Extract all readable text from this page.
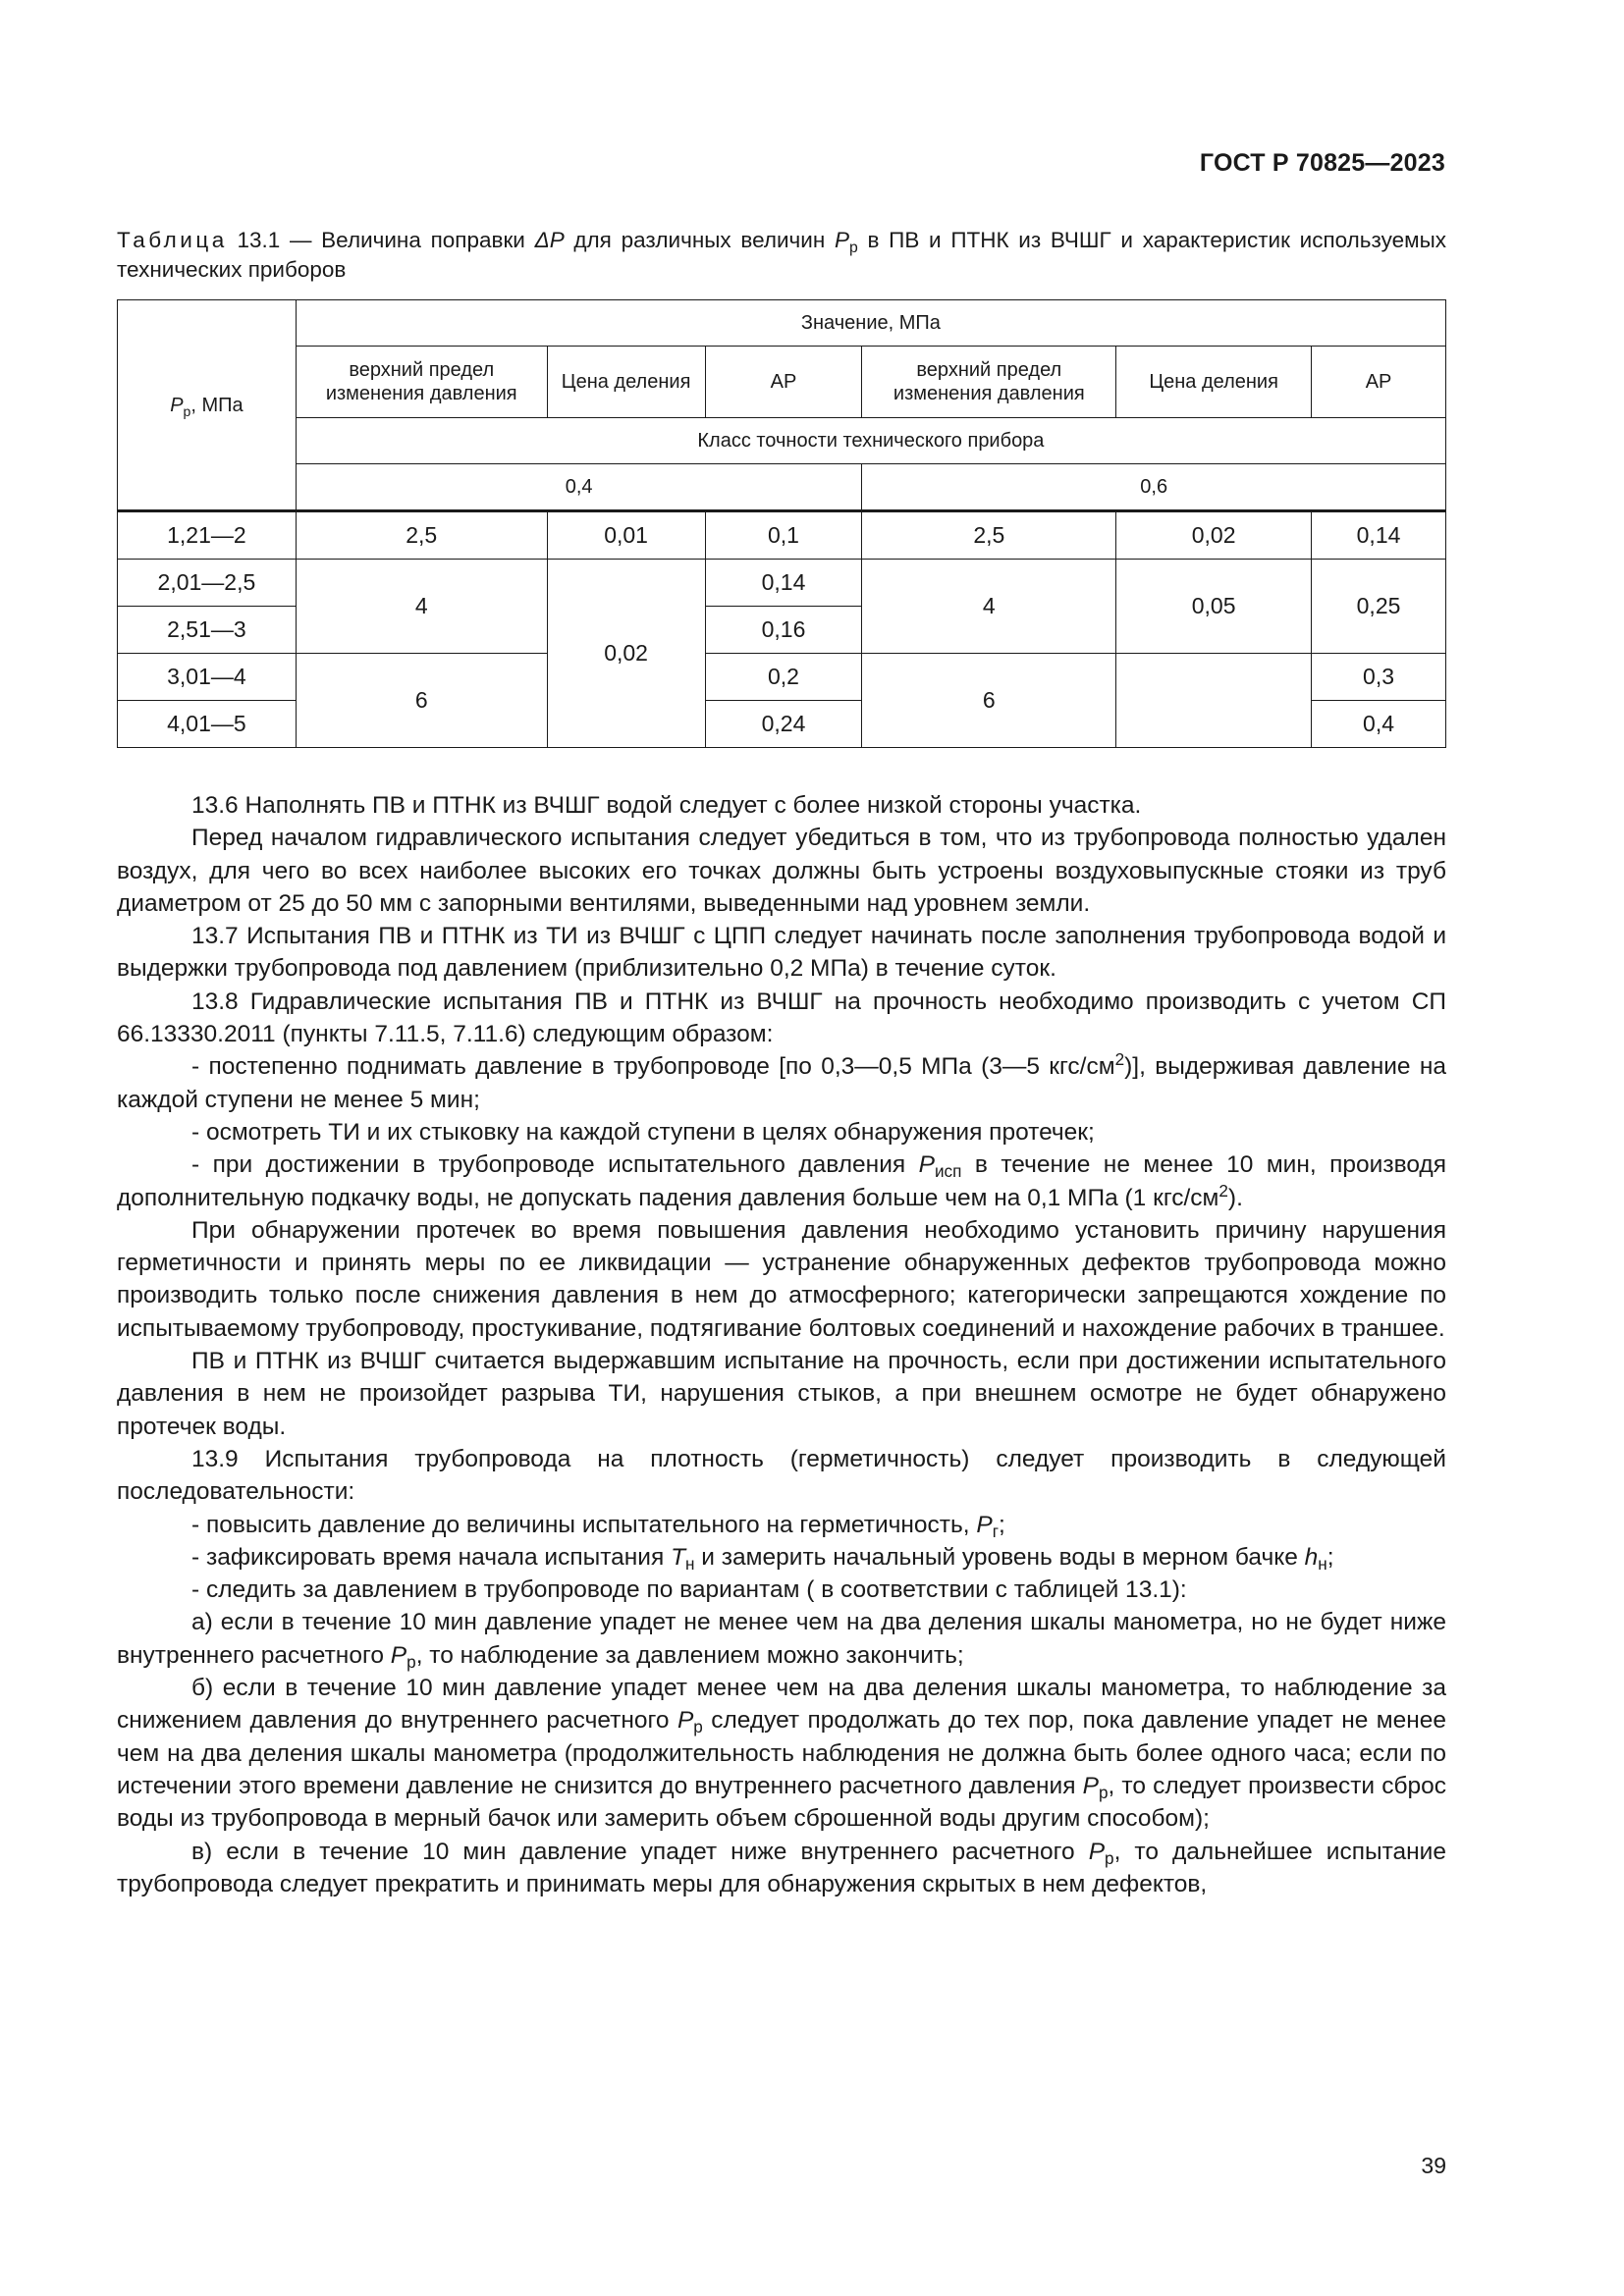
ГОСТ Р 70825—2023
Таблица 13.1 — Величина поправки ΔP для различных величин $P_р$ в ПВ и ПТНК из ВЧШГ и характеристик используемых технических приборов
$P_р$, МПа	Значение, МПа					
	верхний предел изменения давления	Цена деления	АР	верхний предел изменения давления	Цена деления	АР
	Класс точности технического прибора					
	0,4			0,6		
1,21—2	2,5	0,01	0,1	2,5	0,02	0,14
2,01—2,5	4	0,02	0,14	4	0,05	0,25
2,51—3			0,16			
3,01—4	6		0,2	6		0,3
4,01—5			0,24			0,4

13.6 Наполнять ПВ и ПТНК из ВЧШГ водой следует с более низкой стороны участка.

Перед началом гидравлического испытания следует убедиться в том, что из трубопровода полностью удален воздух, для чего во всех наиболее высоких его точках должны быть устроены воздуховыпускные стояки из труб диаметром от 25 до 50 мм с запорными вентилями, выведенными над уровнем земли.

13.7 Испытания ПВ и ПТНК из ТИ из ВЧШГ с ЦПП следует начинать после заполнения трубопровода водой и выдержки трубопровода под давлением (приблизительно 0,2 МПа) в течение суток.

13.8 Гидравлические испытания ПВ и ПТНК из ВЧШГ на прочность необходимо производить с учетом СП 66.13330.2011 (пункты 7.11.5, 7.11.6) следующим образом:

- постепенно поднимать давление в трубопроводе [по 0,3—0,5 МПа (3—5 кгс/$см^2$)], выдерживая давление на каждой ступени не менее 5 мин;

- осмотреть ТИ и их стыковку на каждой ступени в целях обнаружения протечек;

- при достижении в трубопроводе испытательного давления $P_{исп}$ в течение не менее 10 мин, производя дополнительную подкачку воды, не допускать падения давления больше чем на 0,1 МПа (1 кгс/$см^2$).

При обнаружении протечек во время повышения давления необходимо установить причину нарушения герметичности и принять меры по ее ликвидации — устранение обнаруженных дефектов трубопровода можно производить только после снижения давления в нем до атмосферного; категорически запрещаются хождение по испытываемому трубопроводу, простукивание, подтягивание болтовых соединений и нахождение рабочих в траншее.

ПВ и ПТНК из ВЧШГ считается выдержавшим испытание на прочность, если при достижении испытательного давления в нем не произойдет разрыва ТИ, нарушения стыков, а при внешнем осмотре не будет обнаружено протечек воды.

13.9 Испытания трубопровода на плотность (герметичность) следует производить в следующей последовательности:

- повысить давление до величины испытательного на герметичность, $P_г$;

- зафиксировать время начала испытания $T_н$ и замерить начальный уровень воды в мерном бачке $h_н$;

- следить за давлением в трубопроводе по вариантам ( в соответствии с таблицей 13.1):

а) если в течение 10 мин давление упадет не менее чем на два деления шкалы манометра, но не будет ниже внутреннего расчетного $P_р$, то наблюдение за давлением можно закончить;

б) если в течение 10 мин давление упадет менее чем на два деления шкалы манометра, то наблюдение за снижением давления до внутреннего расчетного $P_р$ следует продолжать до тех пор, пока давление упадет не менее чем на два деления шкалы манометра (продолжительность наблюдения не должна быть более одного часа; если по истечении этого времени давление не снизится до внутреннего расчетного давления $P_р$, то следует произвести сброс воды из трубопровода в мерный бачок или замерить объем сброшенной воды другим способом);

в) если в течение 10 мин давление упадет ниже внутреннего расчетного $P_р$, то дальнейшее испытание трубопровода следует прекратить и принимать меры для обнаружения скрытых в нем дефектов,

39
